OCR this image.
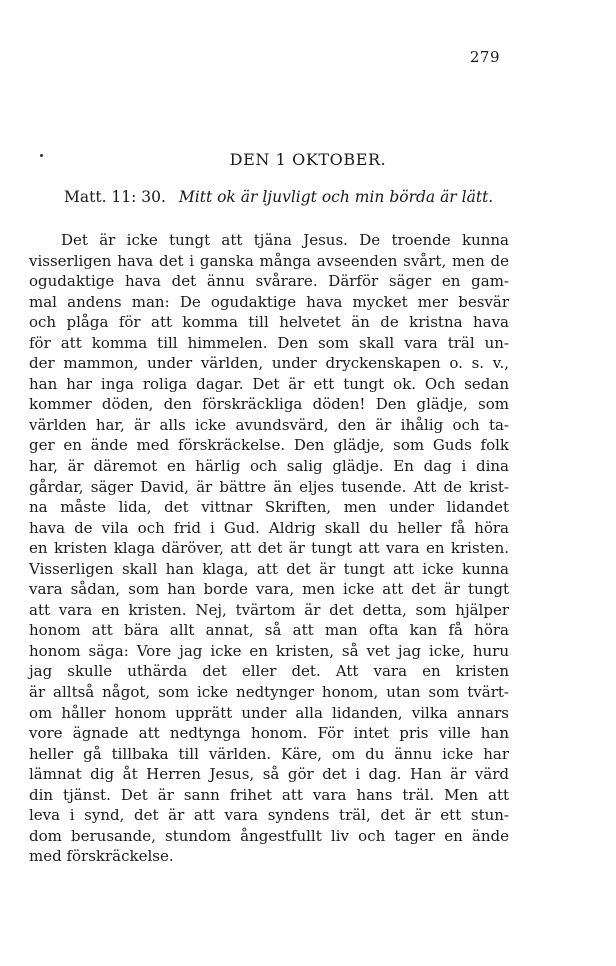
279
DEN 1 OKTOBER.
Matt. 11: 30. Mitt ok är ljuvligt och min börda är lätt.
Det är icke tungt att tjäna Jesus. De troende kunna
visserligen hava det i ganska många avseenden svårt, men de
ogudaktige hava det ännu svårare. Därför säger en gam-
mal andens man: De ogudaktige hava mycket mer besvär
och plåga för att komma till helvetet än de kristna hava
för att komma till himmelen. Den som skall vara träl un-
der mammon, under världen, under dryckenskapen o. s. v.,
han har inga roliga dagar. Det är ett tungt ok. Och sedan
kommer döden, den förskräckliga döden! Den glädje, som
världen har, är alls icke avundsvärd, den är ihålig och ta-
ger en ände med förskräckelse. Den glädje, som Guds folk
har, är däremot en härlig och salig glädje. En dag i dina
gårdar, säger David, är bättre än eljes tusende. Att de krist-
na måste lida, det vittnar Skriften, men under lidandet
hava de vila och frid i Gud. Aldrig skall du heller få höra
en kristen klaga däröver, att det är tungt att vara en kristen.
Visserligen skall han klaga, att det är tungt att icke kunna
vara sådan, som han borde vara, men icke att det är tungt
att vara en kristen. Nej, tvärtom är det detta, som hjälper
honom att bära allt annat, så att man ofta kan få höra
honom säga: Vore jag icke en kristen, så vet jag icke, huru
jag skulle uthärda det eller det. Att vara en kristen
är alltså något, som icke nedtynger honom, utan som tvärt-
om håller honom upprätt under alla lidanden, vilka annars
vore ägnade att nedtynga honom. För intet pris ville han
heller gå tillbaka till världen. Käre, om du ännu icke har
lämnat dig åt Herren Jesus, så gör det i dag. Han är värd
din tjänst. Det är sann frihet att vara hans träl. Men att
leva i synd, det är att vara syndens träl, det är ett stun-
dom berusande, stundom ångestfullt liv och tager en ände
med förskräckelse.
